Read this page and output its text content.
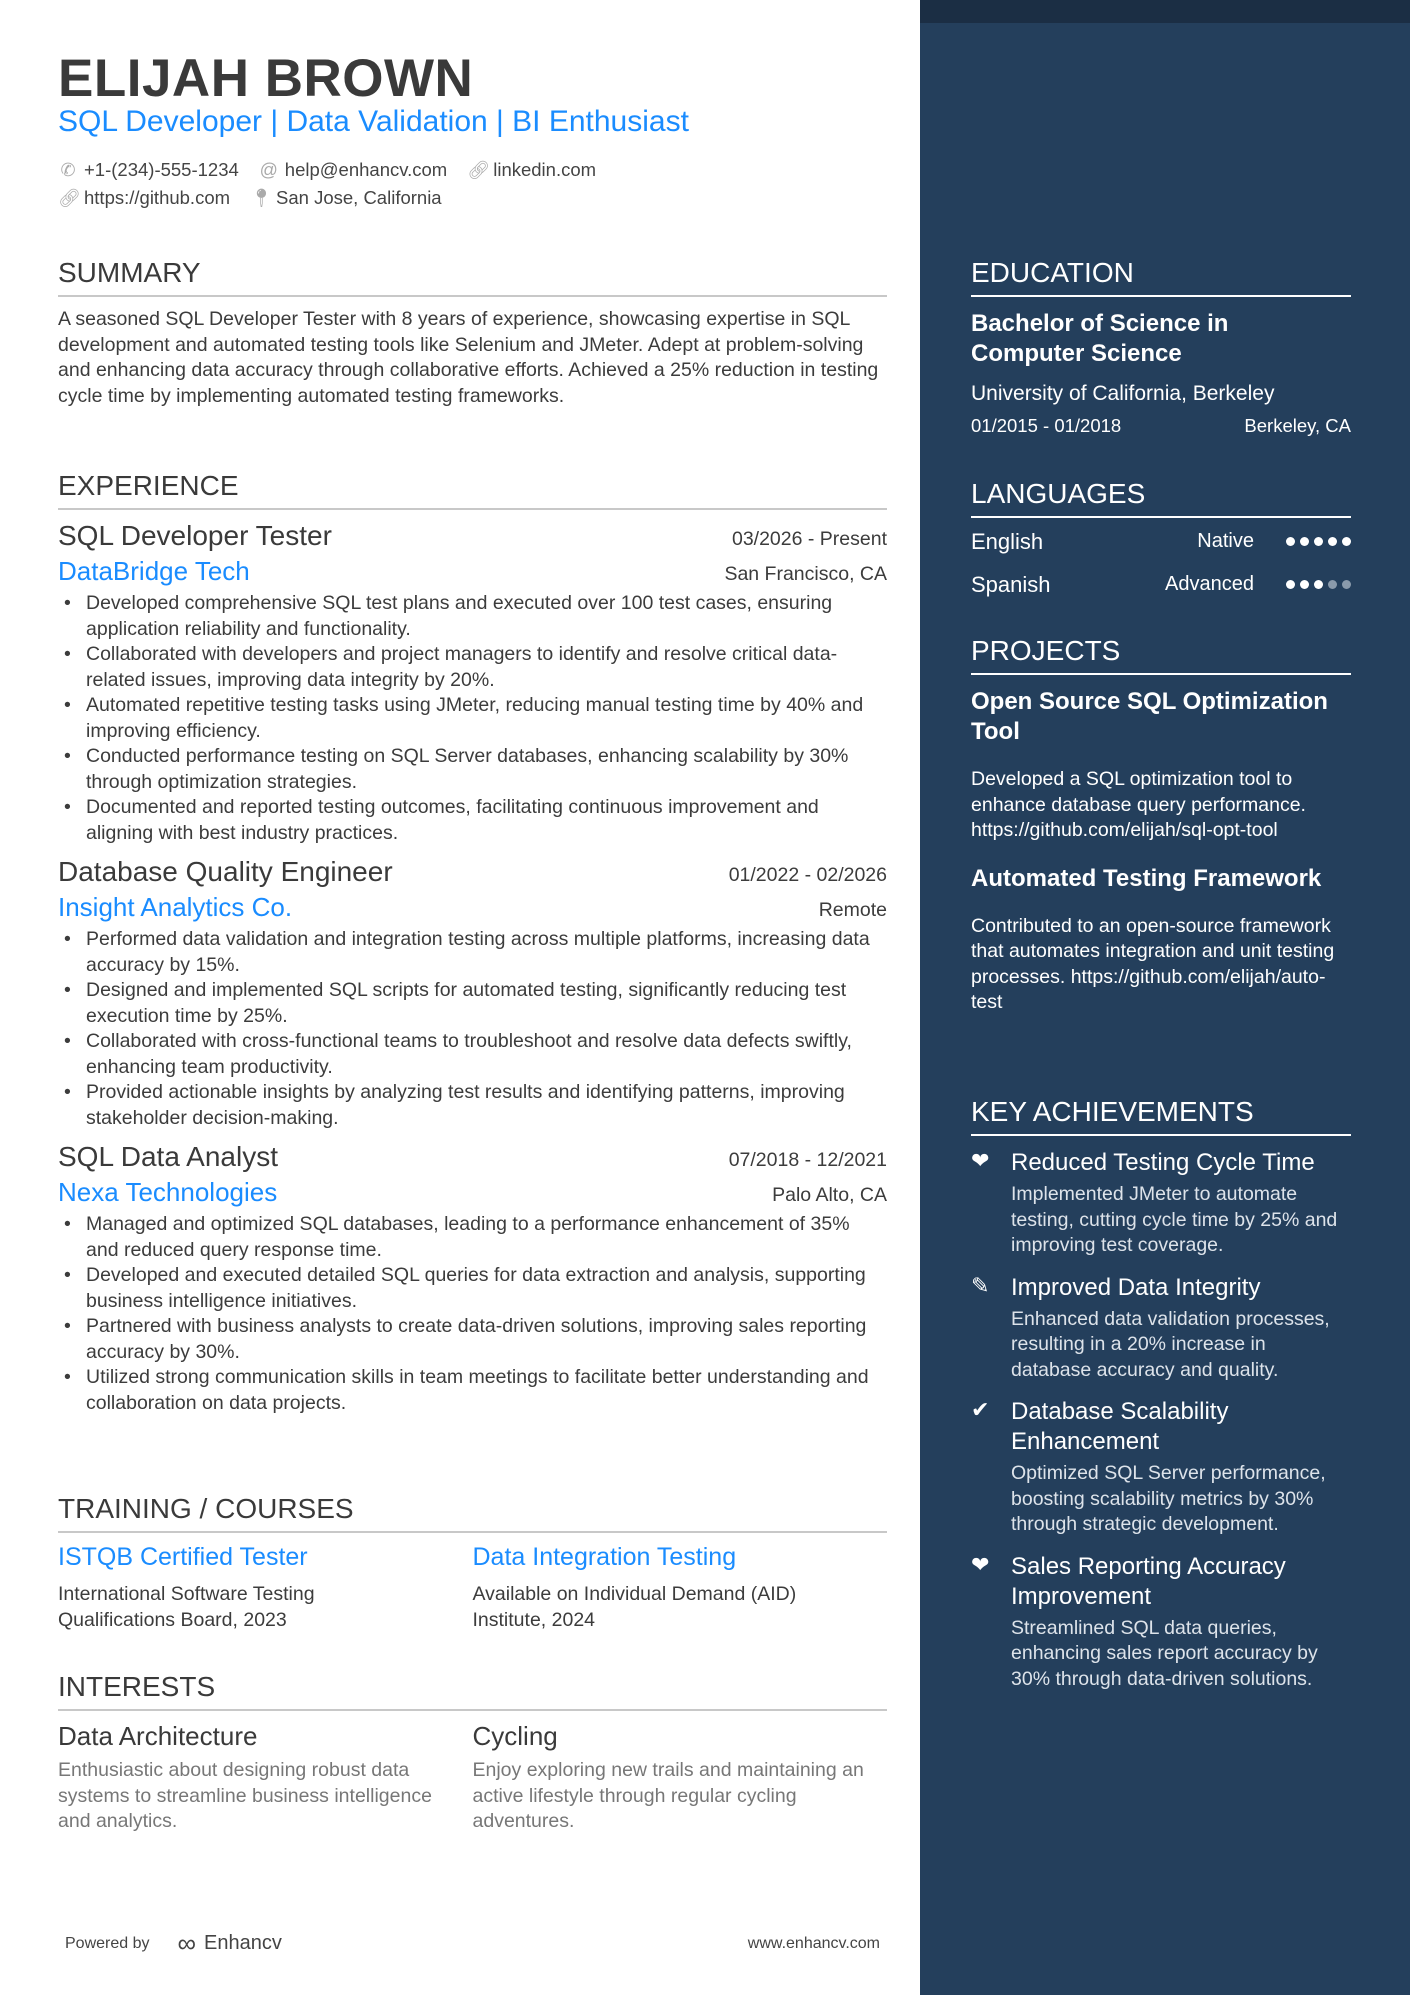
ELIJAH BROWN
SQL Developer | Data Validation | BI Enthusiast
✆ +1-(234)-555-1234 @ help@enhancv.com 🔗︎ linkedin.com
🔗︎ https://github.com 📍︎ San Jose, California
SUMMARY
A seasoned SQL Developer Tester with 8 years of experience, showcasing expertise in SQL development and automated testing tools like Selenium and JMeter. Adept at problem-solving and enhancing data accuracy through collaborative efforts. Achieved a 25% reduction in testing cycle time by implementing automated testing frameworks.
EXPERIENCE
SQL Developer Tester	03/2026 - Present
DataBridge Tech	San Francisco, CA
• Developed comprehensive SQL test plans and executed over 100 test cases, ensuring application reliability and functionality.
• Collaborated with developers and project managers to identify and resolve critical data-related issues, improving data integrity by 20%.
• Automated repetitive testing tasks using JMeter, reducing manual testing time by 40% and improving efficiency.
• Conducted performance testing on SQL Server databases, enhancing scalability by 30% through optimization strategies.
• Documented and reported testing outcomes, facilitating continuous improvement and aligning with best industry practices.
Database Quality Engineer	01/2022 - 02/2026
Insight Analytics Co.	Remote
• Performed data validation and integration testing across multiple platforms, increasing data accuracy by 15%.
• Designed and implemented SQL scripts for automated testing, significantly reducing test execution time by 25%.
• Collaborated with cross-functional teams to troubleshoot and resolve data defects swiftly, enhancing team productivity.
• Provided actionable insights by analyzing test results and identifying patterns, improving stakeholder decision-making.
SQL Data Analyst	07/2018 - 12/2021
Nexa Technologies	Palo Alto, CA
• Managed and optimized SQL databases, leading to a performance enhancement of 35% and reduced query response time.
• Developed and executed detailed SQL queries for data extraction and analysis, supporting business intelligence initiatives.
• Partnered with business analysts to create data-driven solutions, improving sales reporting accuracy by 30%.
• Utilized strong communication skills in team meetings to facilitate better understanding and collaboration on data projects.
TRAINING / COURSES
ISTQB Certified Tester
International Software Testing Qualifications Board, 2023
Data Integration Testing
Available on Individual Demand (AID) Institute, 2024
INTERESTS
Data Architecture
Enthusiastic about designing robust data systems to streamline business intelligence and analytics.
Cycling
Enjoy exploring new trails and maintaining an active lifestyle through regular cycling adventures.
Powered by ∞ Enhancv	www.enhancv.com
EDUCATION
Bachelor of Science in Computer Science
University of California, Berkeley
01/2015 - 01/2018	Berkeley, CA
LANGUAGES
English	Native
Spanish	Advanced
PROJECTS
Open Source SQL Optimization Tool
Developed a SQL optimization tool to enhance database query performance. https://github.com/elijah/sql-opt-tool
Automated Testing Framework
Contributed to an open-source framework that automates integration and unit testing processes. https://github.com/elijah/auto-test
KEY ACHIEVEMENTS
❤ Reduced Testing Cycle Time
Implemented JMeter to automate testing, cutting cycle time by 25% and improving test coverage.
✎ Improved Data Integrity
Enhanced data validation processes, resulting in a 20% increase in database accuracy and quality.
✔ Database Scalability Enhancement
Optimized SQL Server performance, boosting scalability metrics by 30% through strategic development.
❤ Sales Reporting Accuracy Improvement
Streamlined SQL data queries, enhancing sales report accuracy by 30% through data-driven solutions.
